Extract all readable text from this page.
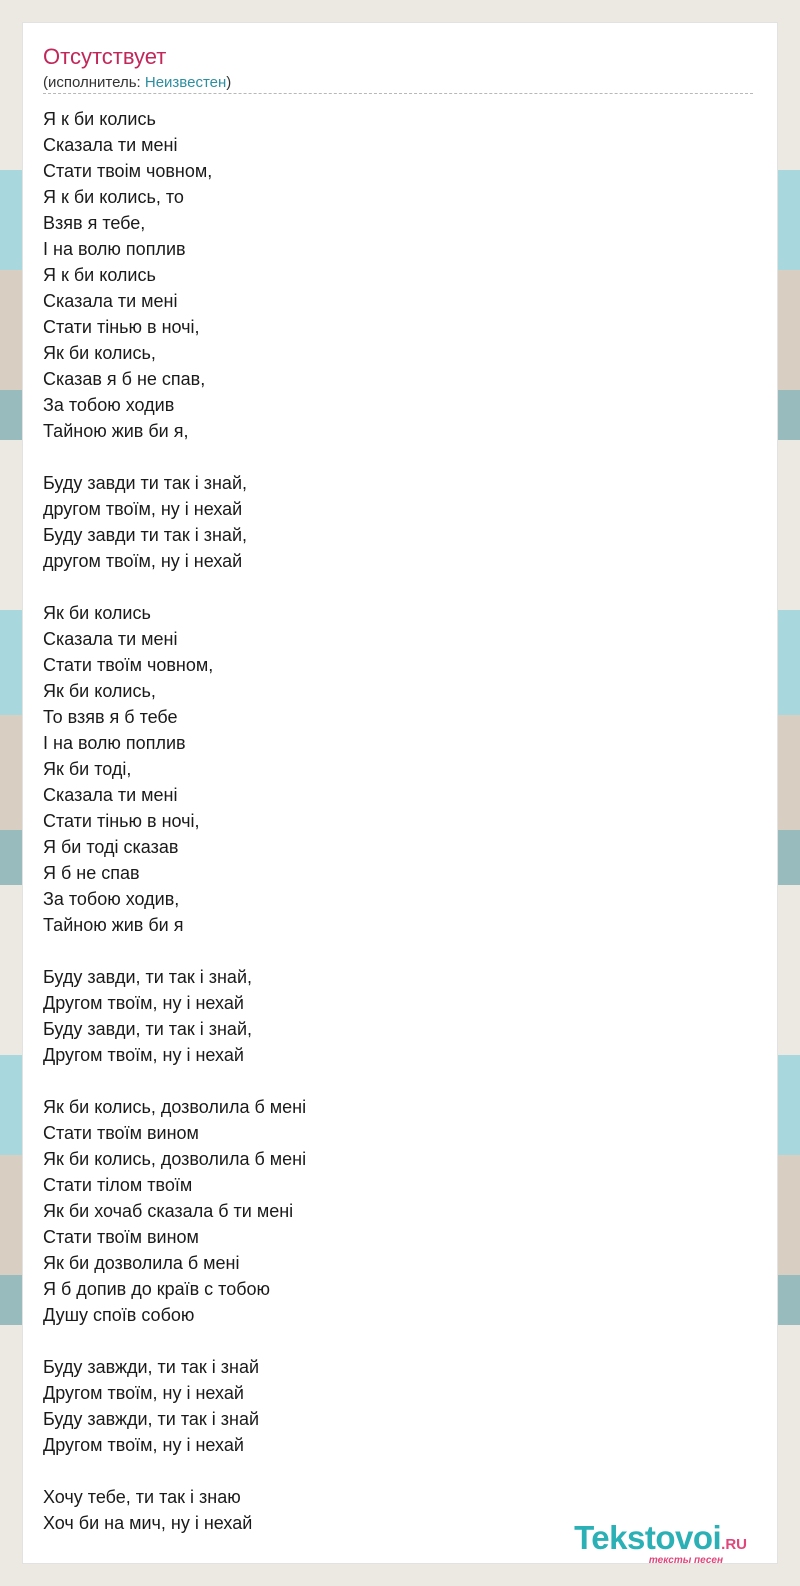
Отсутствует
(исполнитель: Неизвестен)
Я к би колись
Сказала ти мені
Стати твоім човном,
Я к би колись, то
Взяв я тебе,
І на волю поплив
Я к би колись
Сказала ти мені
Стати тінью в ночі,
Як би колись,
Сказав я б не спав,
За тобою ходив
Тайною жив би я,
Буду завди ти так і знай,
другом твоїм, ну і нехай
Буду завди ти так і знай,
другом твоїм, ну і нехай
Як би колись
Сказала ти мені
Стати твоїм човном,
Як би колись,
То взяв я б тебе
І на волю поплив
Як би тоді,
Сказала ти мені
Стати тінью в ночі,
Я би тоді сказав
Я б не спав
За тобою ходив,
Тайною жив би я
Буду завди, ти так і знай,
Другом твоїм, ну і нехай
Буду завди, ти так і знай,
Другом твоїм, ну і нехай
Як би колись, дозволила б мені
Стати твоїм вином
Як би колись, дозволила б мені
Стати тілом твоїм
Як би хочаб сказала б ти мені
Стати твоїм вином
Як би дозволила б мені
Я б допив до країв с тобою
Душу споїв собою
Буду завжди, ти так і знай
Другом твоїм, ну і нехай
Буду завжди, ти так і знай
Другом твоїм, ну і нехай
Хочу тебе, ти так і знаю
Хоч би на мич, ну і нехай	Tekstovoi.RU
тексты песен
